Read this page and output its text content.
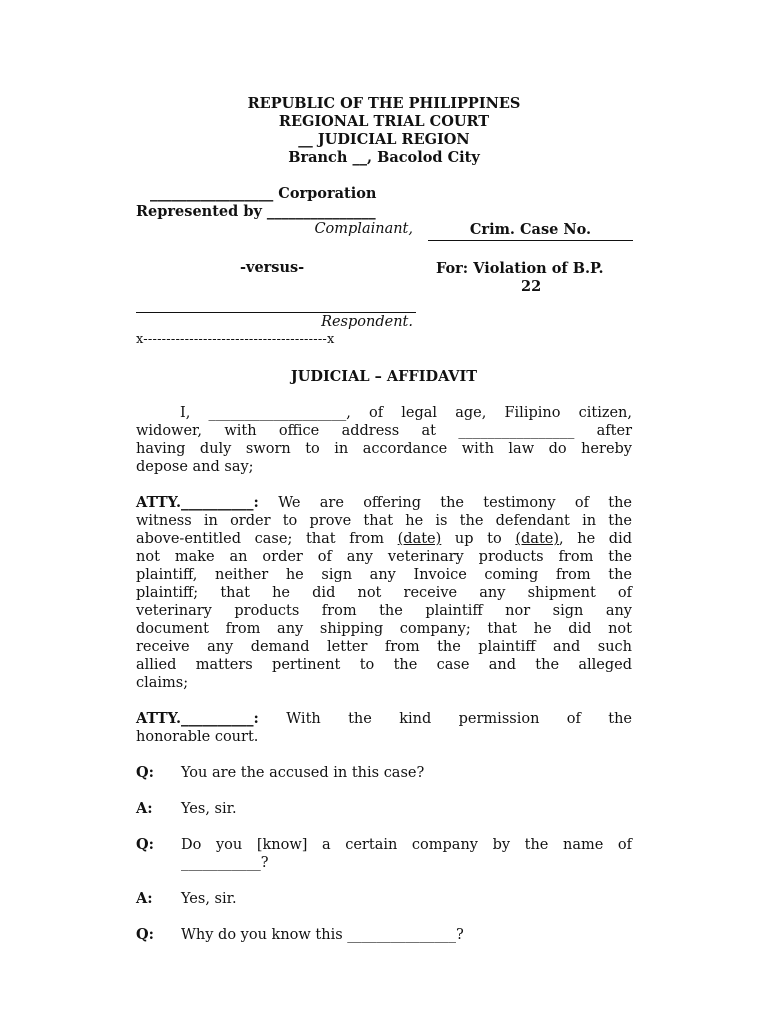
REPUBLIC OF THE PHILIPPINES
REGIONAL TRIAL COURT
__ JUDICIAL REGION
Branch __, Bacolod City
_________________ Corporation
Represented by _______________
Complainant,	Crim. Case No.
-versus-	For: Violation of B.P.
22
Respondent.
x----------------------------------------x
JUDICIAL – AFFIDAVIT
I, ___________________, of legal age, Filipino citizen,
widower, with office address at ________________ after
having duly sworn to in accordance with law do hereby
depose and say;
ATTY.__________: We are offering the testimony of the
witness in order to prove that he is the defendant in the
above-entitled case; that from (date) up to (date), he did
not make an order of any veterinary products from the
plaintiff, neither he sign any Invoice coming from the
plaintiff; that he did not receive any shipment of
veterinary products from the plaintiff nor sign any
document from any shipping company; that he did not
receive any demand letter from the plaintiff and such
allied matters pertinent to the case and the alleged
claims;
ATTY.__________: With the kind permission of the
honorable court.
Q: You are the accused in this case?
A: Yes, sir.
Q: Do you [know] a certain company by the name of
___________?
A: Yes, sir.
Q: Why do you know this _______________?
